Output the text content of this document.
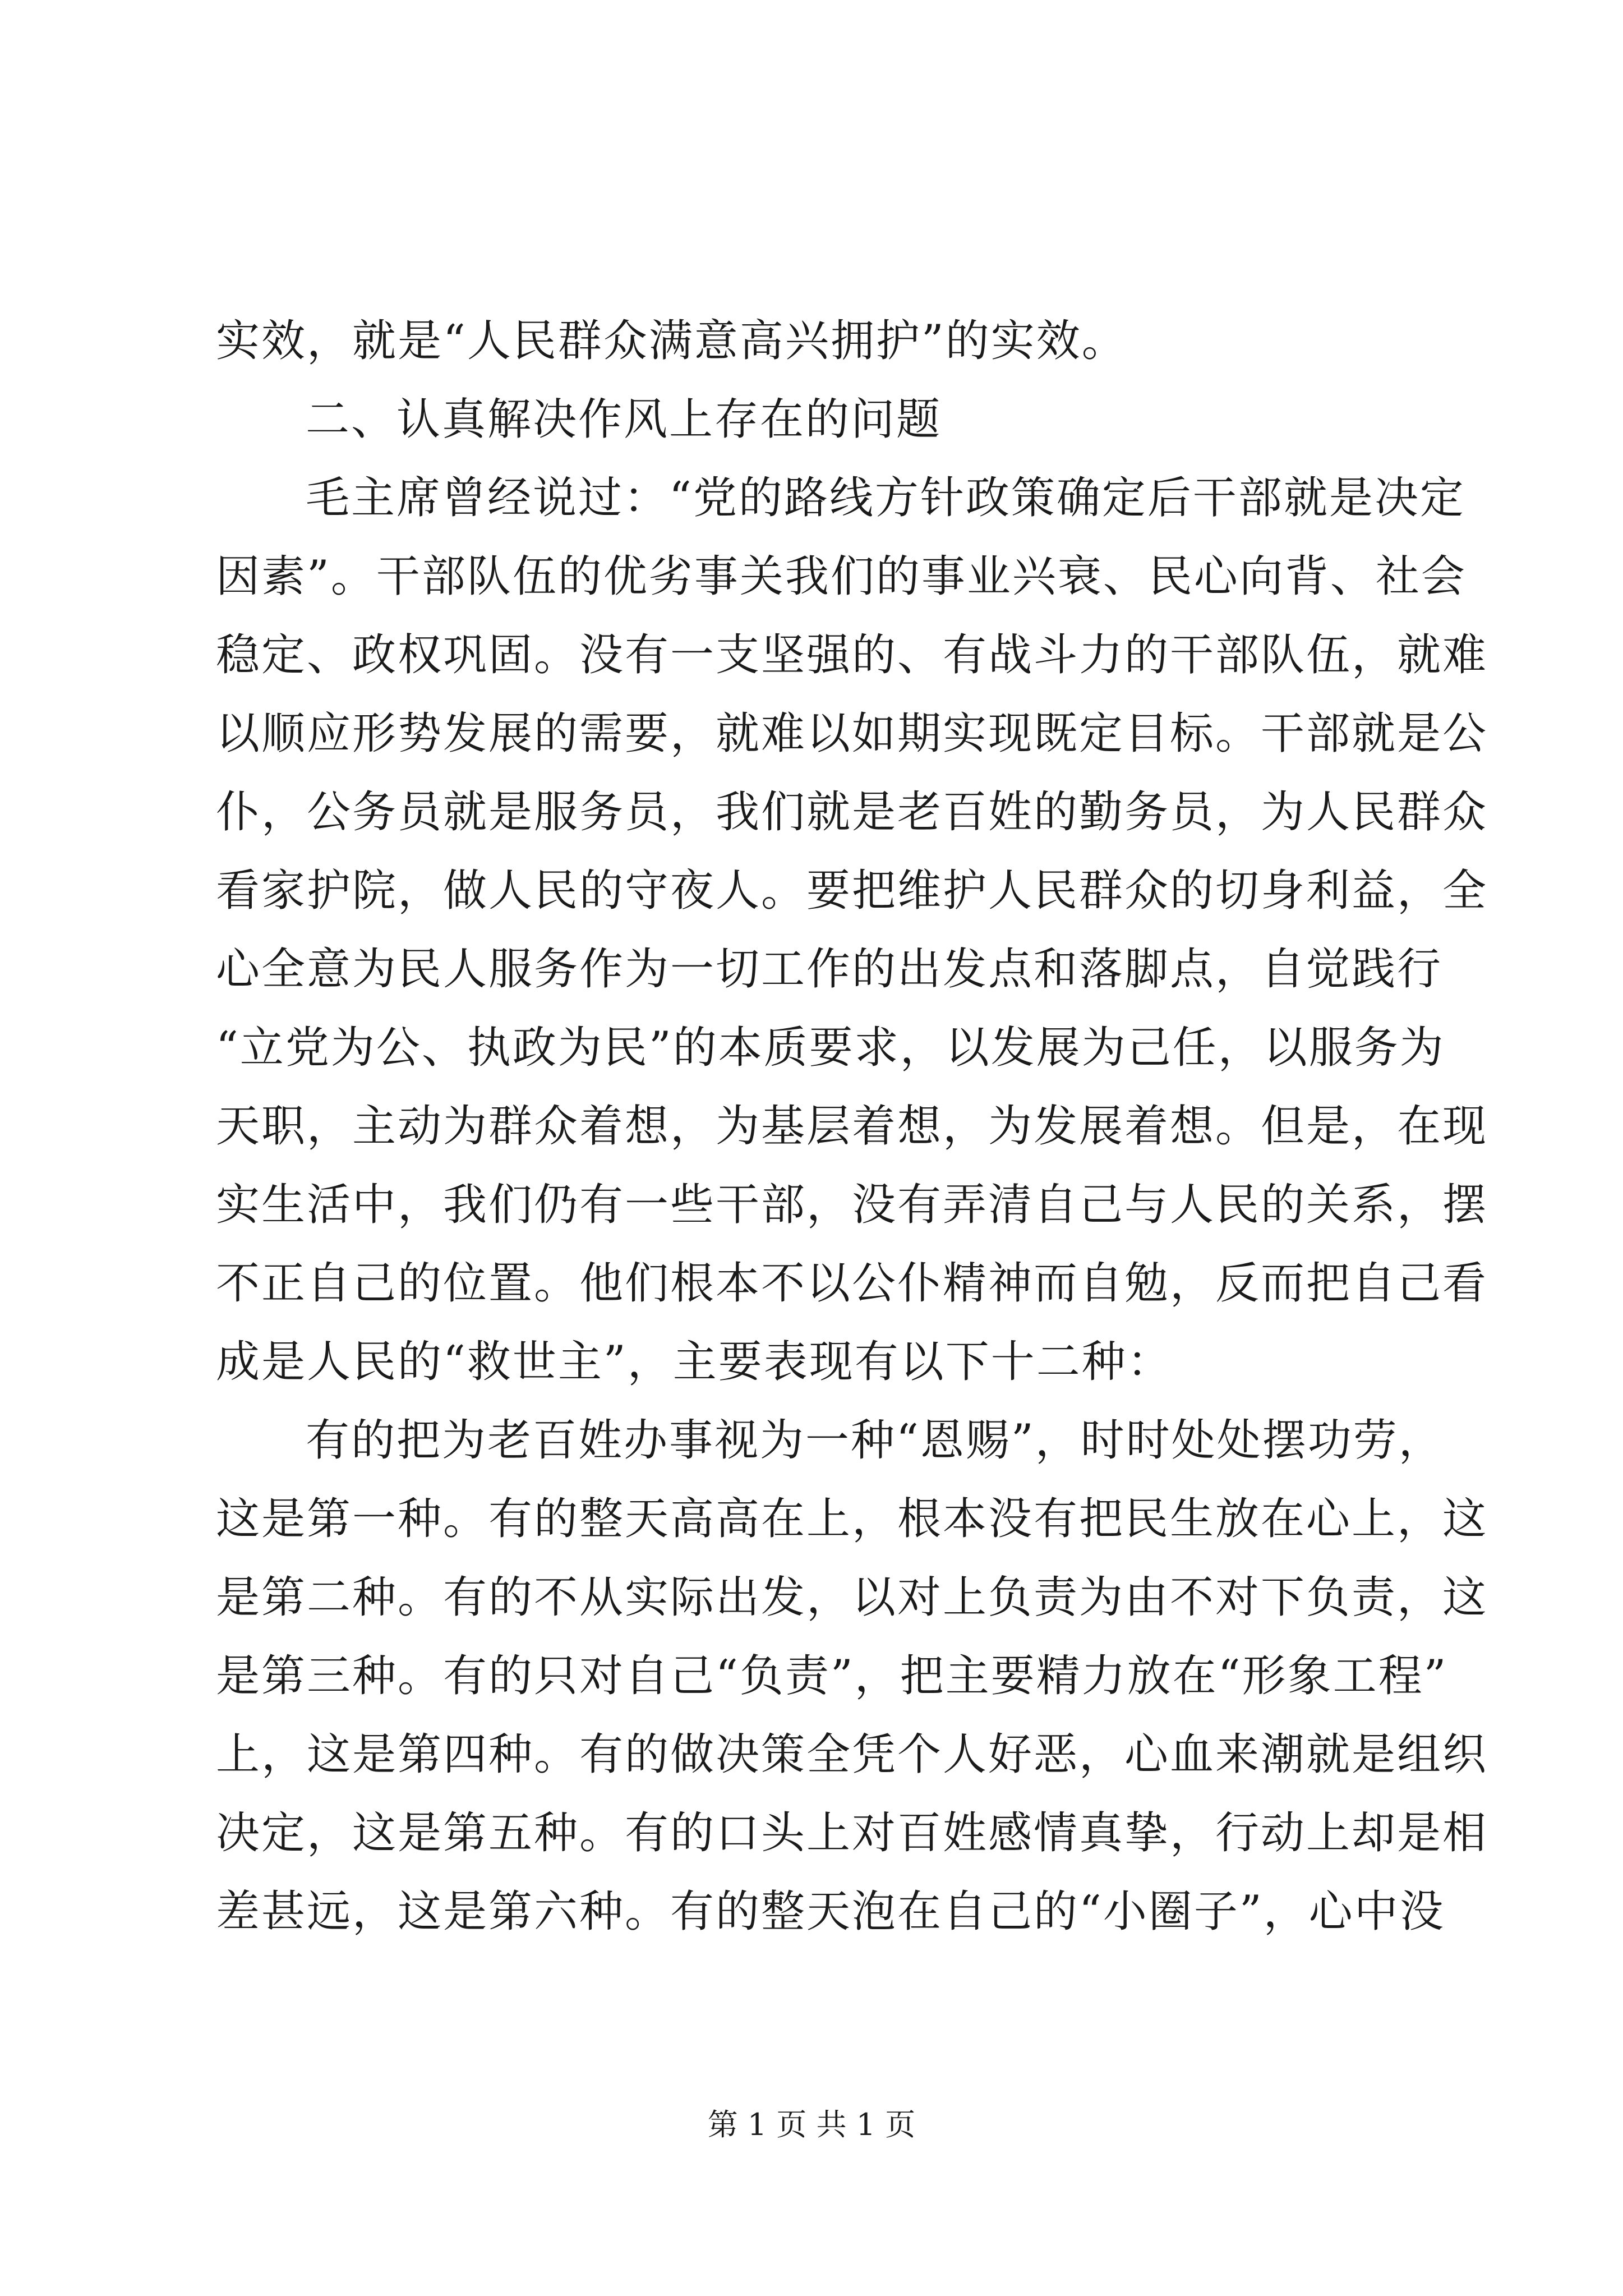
实效，就是“人民群众满意高兴拥护”的实效。
二、认真解决作风上存在的问题
毛主席曾经说过：“党的路线方针政策确定后干部就是决定
因素”。干部队伍的优劣事关我们的事业兴衰、民心向背、社会
稳定、政权巩固。没有一支坚强的、有战斗力的干部队伍，就难
以顺应形势发展的需要，就难以如期实现既定目标。干部就是公
仆，公务员就是服务员，我们就是老百姓的勤务员，为人民群众
看家护院，做人民的守夜人。要把维护人民群众的切身利益，全
心全意为民人服务作为一切工作的出发点和落脚点，自觉践行
“立党为公、执政为民”的本质要求，以发展为己任，以服务为
天职，主动为群众着想，为基层着想，为发展着想。但是，在现
实生活中，我们仍有一些干部，没有弄清自己与人民的关系，摆
不正自己的位置。他们根本不以公仆精神而自勉，反而把自己看
成是人民的“救世主”，主要表现有以下十二种：
有的把为老百姓办事视为一种“恩赐”，时时处处摆功劳，
这是第一种。有的整天高高在上，根本没有把民生放在心上，这
是第二种。有的不从实际出发，以对上负责为由不对下负责，这
是第三种。有的只对自己“负责”，把主要精力放在“形象工程”
上，这是第四种。有的做决策全凭个人好恶，心血来潮就是组织
决定，这是第五种。有的口头上对百姓感情真挚，行动上却是相
差甚远，这是第六种。有的整天泡在自己的“小圈子”，心中没
第 1 页 共 1 页
